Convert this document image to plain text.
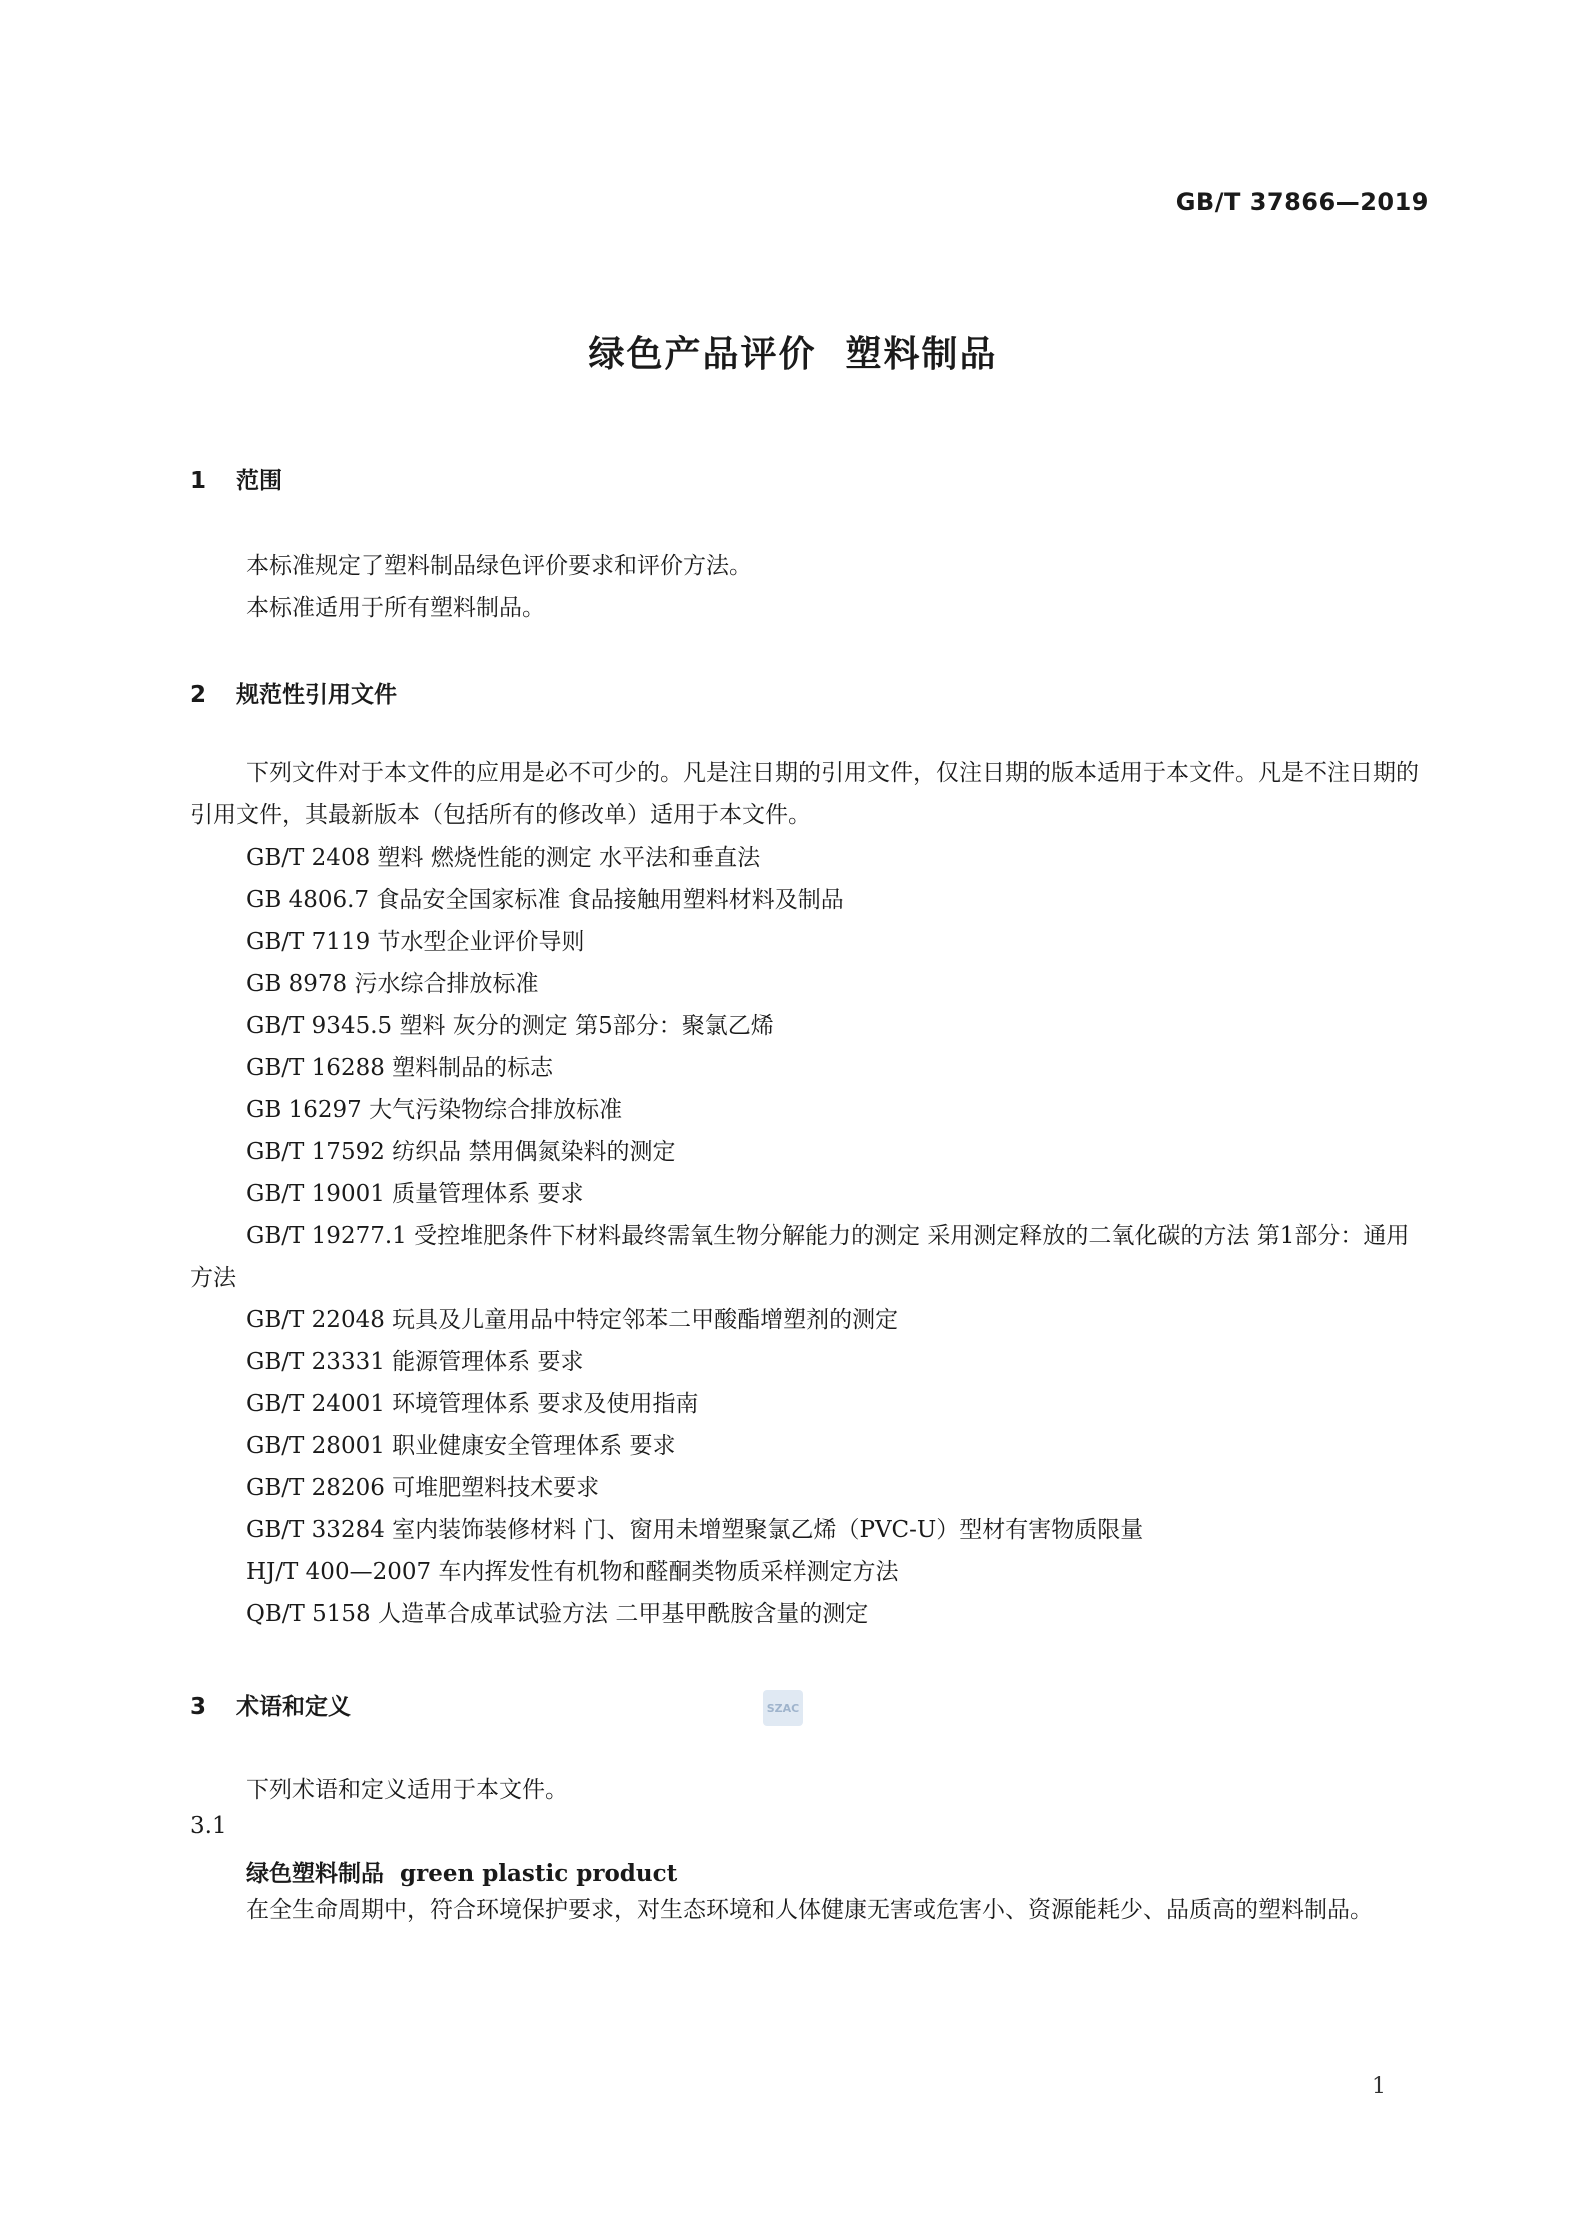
GB/T 37866—2019
绿色产品评价  塑料制品
1 范围
本标准规定了塑料制品绿色评价要求和评价方法。
本标准适用于所有塑料制品。
2 规范性引用文件
下列文件对于本文件的应用是必不可少的。凡是注日期的引用文件，仅注日期的版本适用于本文件。凡是不注日期的引用文件，其最新版本（包括所有的修改单）适用于本文件。
GB/T 2408 塑料 燃烧性能的测定 水平法和垂直法
GB 4806.7 食品安全国家标准 食品接触用塑料材料及制品
GB/T 7119 节水型企业评价导则
GB 8978 污水综合排放标准
GB/T 9345.5 塑料 灰分的测定 第5部分：聚氯乙烯
GB/T 16288 塑料制品的标志
GB 16297 大气污染物综合排放标准
GB/T 17592 纺织品 禁用偶氮染料的测定
GB/T 19001 质量管理体系 要求
GB/T 19277.1 受控堆肥条件下材料最终需氧生物分解能力的测定 采用测定释放的二氧化碳的方法 第1部分：通用方法
GB/T 22048 玩具及儿童用品中特定邻苯二甲酸酯增塑剂的测定
GB/T 23331 能源管理体系 要求
GB/T 24001 环境管理体系 要求及使用指南
GB/T 28001 职业健康安全管理体系 要求
GB/T 28206 可堆肥塑料技术要求
GB/T 33284 室内装饰装修材料 门、窗用未增塑聚氯乙烯（PVC-U）型材有害物质限量
HJ/T 400—2007 车内挥发性有机物和醛酮类物质采样测定方法
QB/T 5158 人造革合成革试验方法 二甲基甲酰胺含量的测定
3 术语和定义	SZAC
下列术语和定义适用于本文件。
3.1
绿色塑料制品 green plastic product
在全生命周期中，符合环境保护要求，对生态环境和人体健康无害或危害小、资源能耗少、品质高的塑料制品。
1
